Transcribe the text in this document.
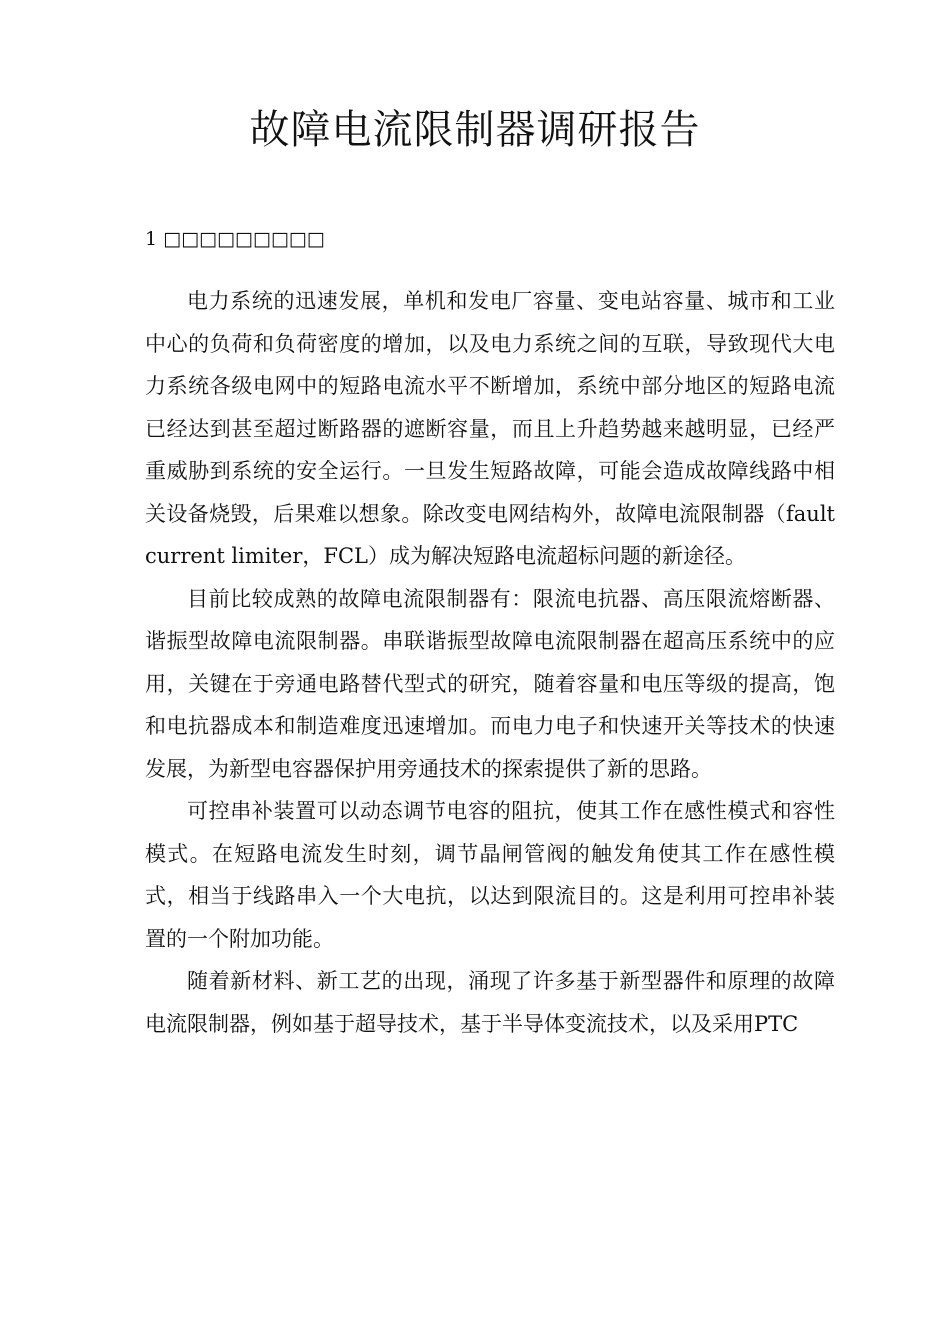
故障电流限制器调研报告
1 □□□□□□□□□

电力系统的迅速发展，单机和发电厂容量、变电站容量、城市和工业中心的负荷和负荷密度的增加，以及电力系统之间的互联，导致现代大电力系统各级电网中的短路电流水平不断增加，系统中部分地区的短路电流已经达到甚至超过断路器的遮断容量，而且上升趋势越来越明显，已经严重威胁到系统的安全运行。一旦发生短路故障，可能会造成故障线路中相关设备烧毁，后果难以想象。除改变电网结构外，故障电流限制器（fault current limiter，FCL）成为解决短路电流超标问题的新途径。

目前比较成熟的故障电流限制器有：限流电抗器、高压限流熔断器、谐振型故障电流限制器。串联谐振型故障电流限制器在超高压系统中的应用，关键在于旁通电路替代型式的研究，随着容量和电压等级的提高，饱和电抗器成本和制造难度迅速增加。而电力电子和快速开关等技术的快速发展，为新型电容器保护用旁通技术的探索提供了新的思路。

可控串补装置可以动态调节电容的阻抗，使其工作在感性模式和容性模式。在短路电流发生时刻，调节晶闸管阀的触发角使其工作在感性模式，相当于线路串入一个大电抗，以达到限流目的。这是利用可控串补装置的一个附加功能。

随着新材料、新工艺的出现，涌现了许多基于新型器件和原理的故障电流限制器，例如基于超导技术，基于半导体变流技术，以及采用PTC
